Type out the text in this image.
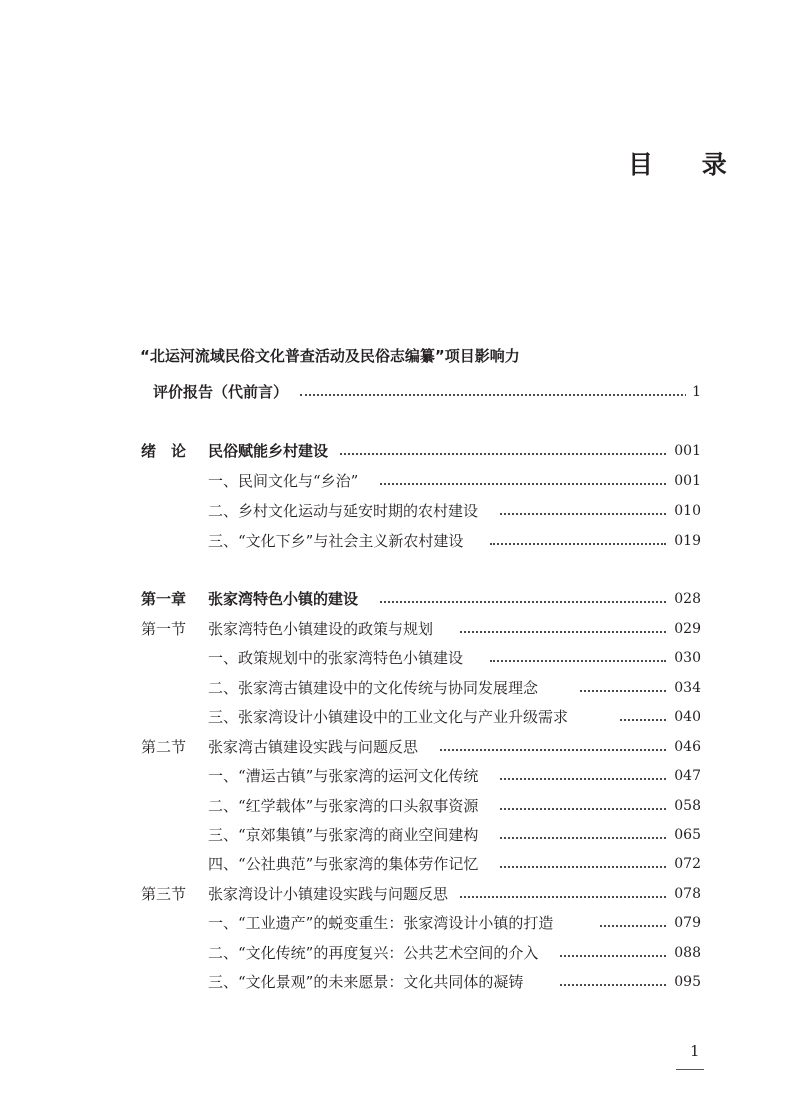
目 录
“北运河流域民俗文化普查活动及民俗志编纂”项目影响力
评价报告（代前言）	1
绪　论 民俗赋能乡村建设	001
一、民间文化与“乡治”	001
二、乡村文化运动与延安时期的农村建设	010
三、“文化下乡”与社会主义新农村建设	019
第一章 张家湾特色小镇的建设	028
第一节 张家湾特色小镇建设的政策与规划	029
一、政策规划中的张家湾特色小镇建设	030
二、张家湾古镇建设中的文化传统与协同发展理念	034
三、张家湾设计小镇建设中的工业文化与产业升级需求	040
第二节 张家湾古镇建设实践与问题反思	046
一、“漕运古镇”与张家湾的运河文化传统	047
二、“红学载体”与张家湾的口头叙事资源	058
三、“京郊集镇”与张家湾的商业空间建构	065
四、“公社典范”与张家湾的集体劳作记忆	072
第三节 张家湾设计小镇建设实践与问题反思	078
一、“工业遗产”的蜕变重生：张家湾设计小镇的打造	079
二、“文化传统”的再度复兴：公共艺术空间的介入	088
三、“文化景观”的未来愿景：文化共同体的凝铸	095
1
